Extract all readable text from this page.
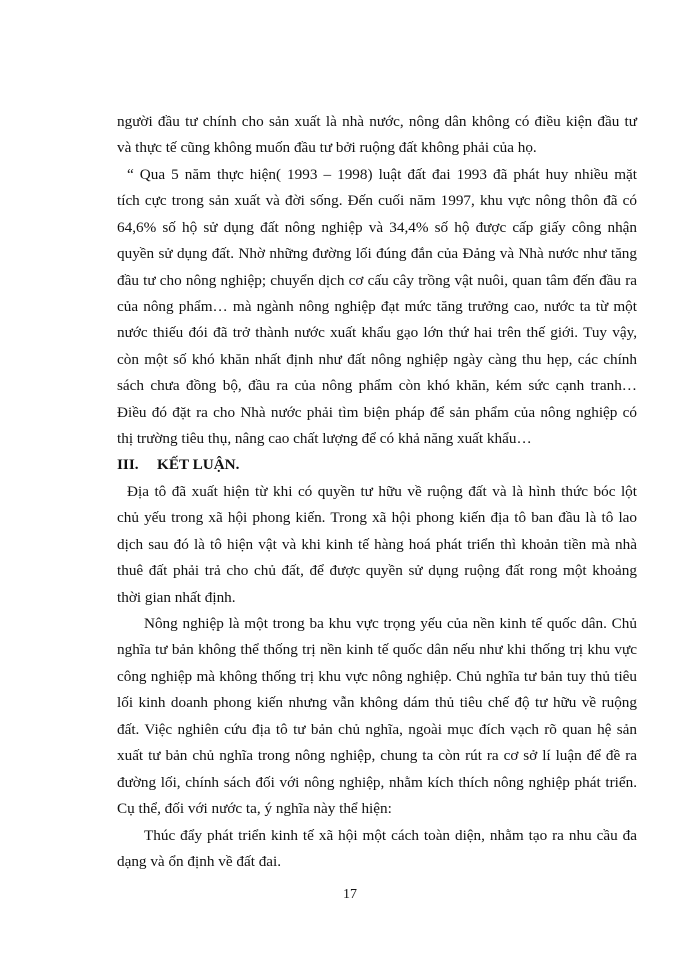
người đầu tư chính cho sản xuất là nhà nước, nông dân không có điều kiện đầu tư
và thực tế cũng không muốn đầu tư bởi ruộng đất không phải của họ.
“ Qua 5 năm thực hiện( 1993 – 1998) luật đất đai 1993 đã phát huy nhiều mặt
tích cực trong sản xuất và đời sống. Đến cuối năm 1997, khu vực nông thôn đã có
64,6% số hộ sử dụng đất nông nghiệp và 34,4% số hộ được cấp giấy công nhận
quyền sử dụng đất. Nhờ những đường lối đúng đắn của Đảng và Nhà nước như tăng
đầu tư cho nông nghiệp; chuyển dịch cơ cấu cây trồng vật nuôi, quan tâm đến đầu ra
của nông phẩm… mà ngành nông nghiệp đạt mức tăng trưởng cao, nước ta từ một
nước thiếu đói đã trở thành nước xuất khẩu gạo lớn thứ hai trên thế giới. Tuy vậy,
còn một số khó khăn nhất định như đất nông nghiệp ngày càng thu hẹp, các chính
sách chưa đồng bộ, đầu ra của nông phẩm còn khó khăn, kém sức cạnh tranh…
Điều đó đặt ra cho Nhà nước phải tìm biện pháp để sản phẩm của nông nghiệp có
thị trường tiêu thụ, nâng cao chất lượng để có khả năng xuất khẩu…
III. KẾT LUẬN.
Địa tô đã xuất hiện từ khi có quyền tư hữu về ruộng đất và là hình thức bóc lột
chủ yếu trong xã hội phong kiến. Trong xã hội phong kiến địa tô ban đầu là tô lao
dịch sau đó là tô hiện vật và khi kinh tế hàng hoá phát triển thì khoản tiền mà nhà
thuê đất phải trả cho chủ đất, để được quyền sử dụng ruộng đất rong một khoảng
thời gian nhất định.
Nông nghiệp là một trong ba khu vực trọng yếu của nền kinh tế quốc dân. Chủ
nghĩa tư bản không thể thống trị nền kinh tế quốc dân nếu như khi thống trị khu vực
công nghiệp mà không thống trị khu vực nông nghiệp. Chủ nghĩa tư bản tuy thủ tiêu
lối kinh doanh phong kiến nhưng vẫn không dám thủ tiêu chế độ tư hữu về ruộng
đất. Việc nghiên cứu địa tô tư bản chủ nghĩa, ngoài mục đích vạch rõ quan hệ sản
xuất tư bản chủ nghĩa trong nông nghiệp, chung ta còn rút ra cơ sở lí luận để đề ra
đường lối, chính sách đối với nông nghiệp, nhằm kích thích nông nghiệp phát triển.
Cụ thể, đối với nước ta, ý nghĩa này thể hiện:
Thúc đẩy phát triển kinh tế xã hội một cách toàn diện, nhằm tạo ra nhu cầu đa
dạng và ổn định về đất đai.
17
